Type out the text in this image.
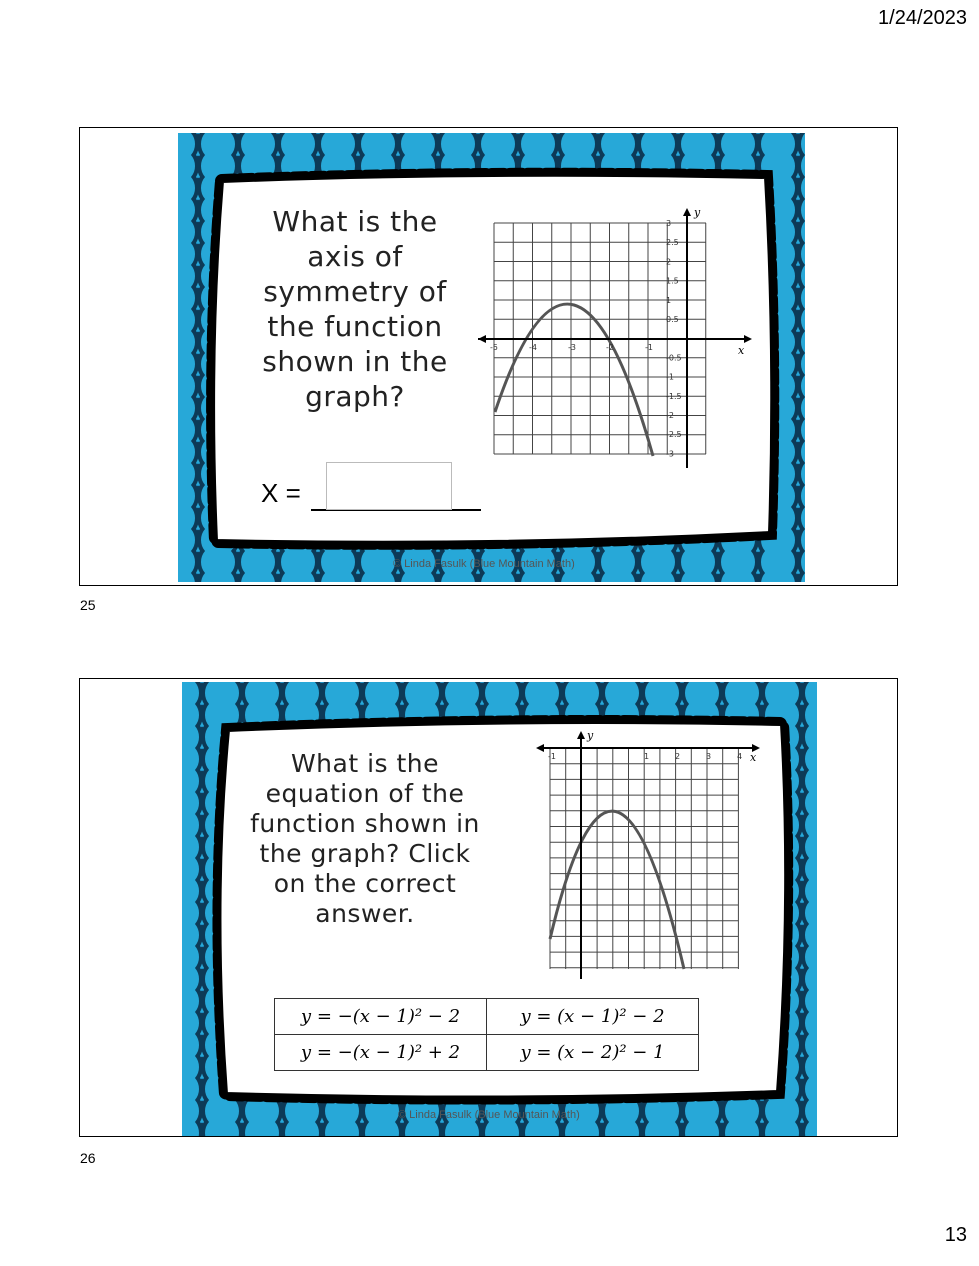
1/24/2023
What is the axis of symmetry of the function shown in the graph?
x
y
-5	-4	-3	-2	-1
3
2.5
2
1.5
1
0.5
-0.5
-1
-1.5
-2
-2.5
-3
X =
© Linda Fasulk (Blue Mountain Math)
25
What is the equation of the function shown in the graph? Click on the correct answer.
x
y
-1	1	2	3	4
y = −(x − 1)² − 2	y = (x − 1)² − 2
y = −(x − 1)² + 2	y = (x − 2)² − 1
© Linda Fasulk (Blue Mountain Math)
26
13
